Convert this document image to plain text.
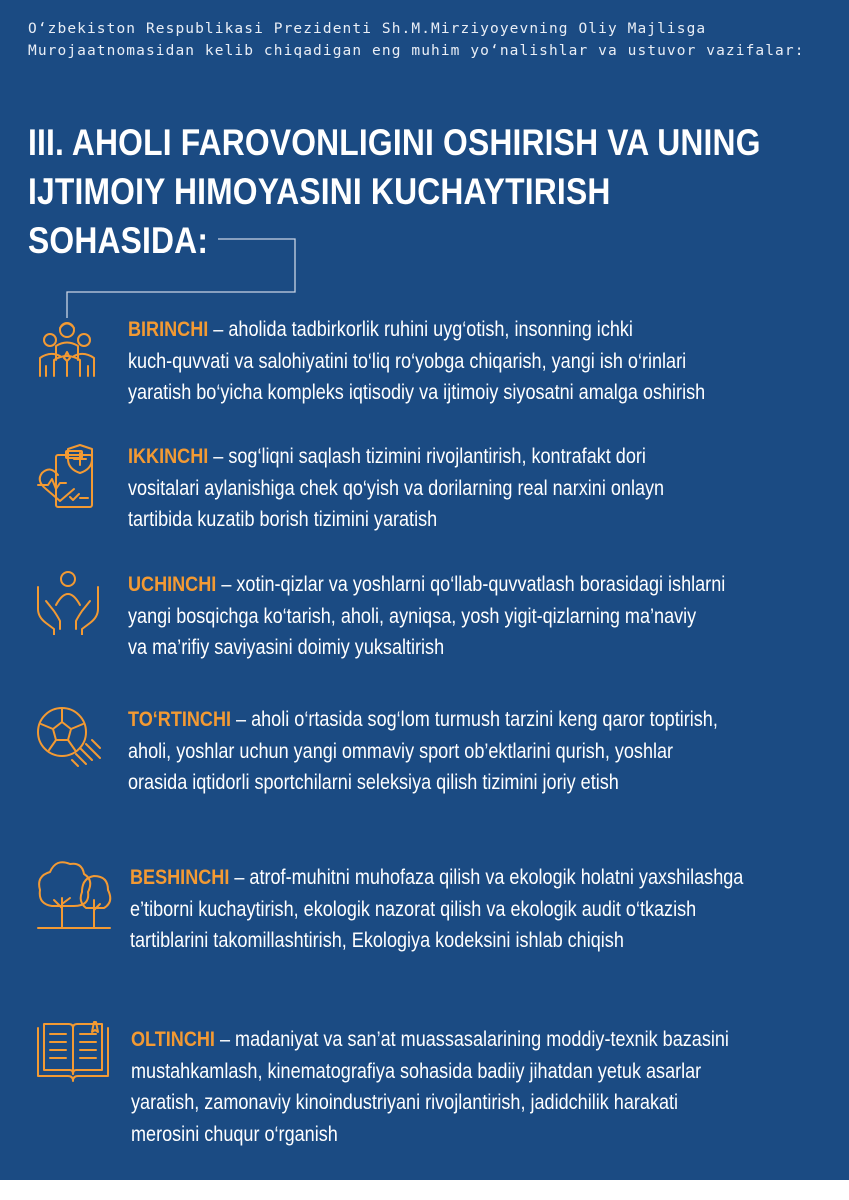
O‘zbekiston Respublikasi Prezidenti Sh.M.Mirziyoyevning Oliy Majlisga
Murojaatnomasidan kelib chiqadigan eng muhim yo‘nalishlar va ustuvor vazifalar:
III. AHOLI FAROVONLIGINI OSHIRISH VA UNING
IJTIMOIY HIMOYASINI KUCHAYTIRISH
SOHASIDA:
BIRINCHI – aholida tadbirkorlik ruhini uyg‘otish, insonning ichki
kuch-quvvati va salohiyatini to‘liq ro‘yobga chiqarish, yangi ish o‘rinlari
yaratish bo‘yicha kompleks iqtisodiy va ijtimoiy siyosatni amalga oshirish
IKKINCHI – sog‘liqni saqlash tizimini rivojlantirish, kontrafakt dori
vositalari aylanishiga chek qo‘yish va dorilarning real narxini onlayn
tartibida kuzatib borish tizimini yaratish
UCHINCHI – xotin-qizlar va yoshlarni qo‘llab-quvvatlash borasidagi ishlarni
yangi bosqichga ko‘tarish, aholi, ayniqsa, yosh yigit-qizlarning ma’naviy
va ma’rifiy saviyasini doimiy yuksaltirish
TO‘RTINCHI – aholi o‘rtasida sog‘lom turmush tarzini keng qaror toptirish,
aholi, yoshlar uchun yangi ommaviy sport ob’ektlarini qurish, yoshlar
orasida iqtidorli sportchilarni seleksiya qilish tizimini joriy etish
BESHINCHI – atrof-muhitni muhofaza qilish va ekologik holatni yaxshilashga
e’tiborni kuchaytirish, ekologik nazorat qilish va ekologik audit o‘tkazish
tartiblarini takomillashtirish, Ekologiya kodeksini ishlab chiqish
OLTINCHI – madaniyat va san’at muassasalarining moddiy-texnik bazasini
mustahkamlash, kinematografiya sohasida badiiy jihatdan yetuk asarlar
yaratish, zamonaviy kinoindustriyani rivojlantirish, jadidchilik harakati
merosini chuqur o‘rganish
